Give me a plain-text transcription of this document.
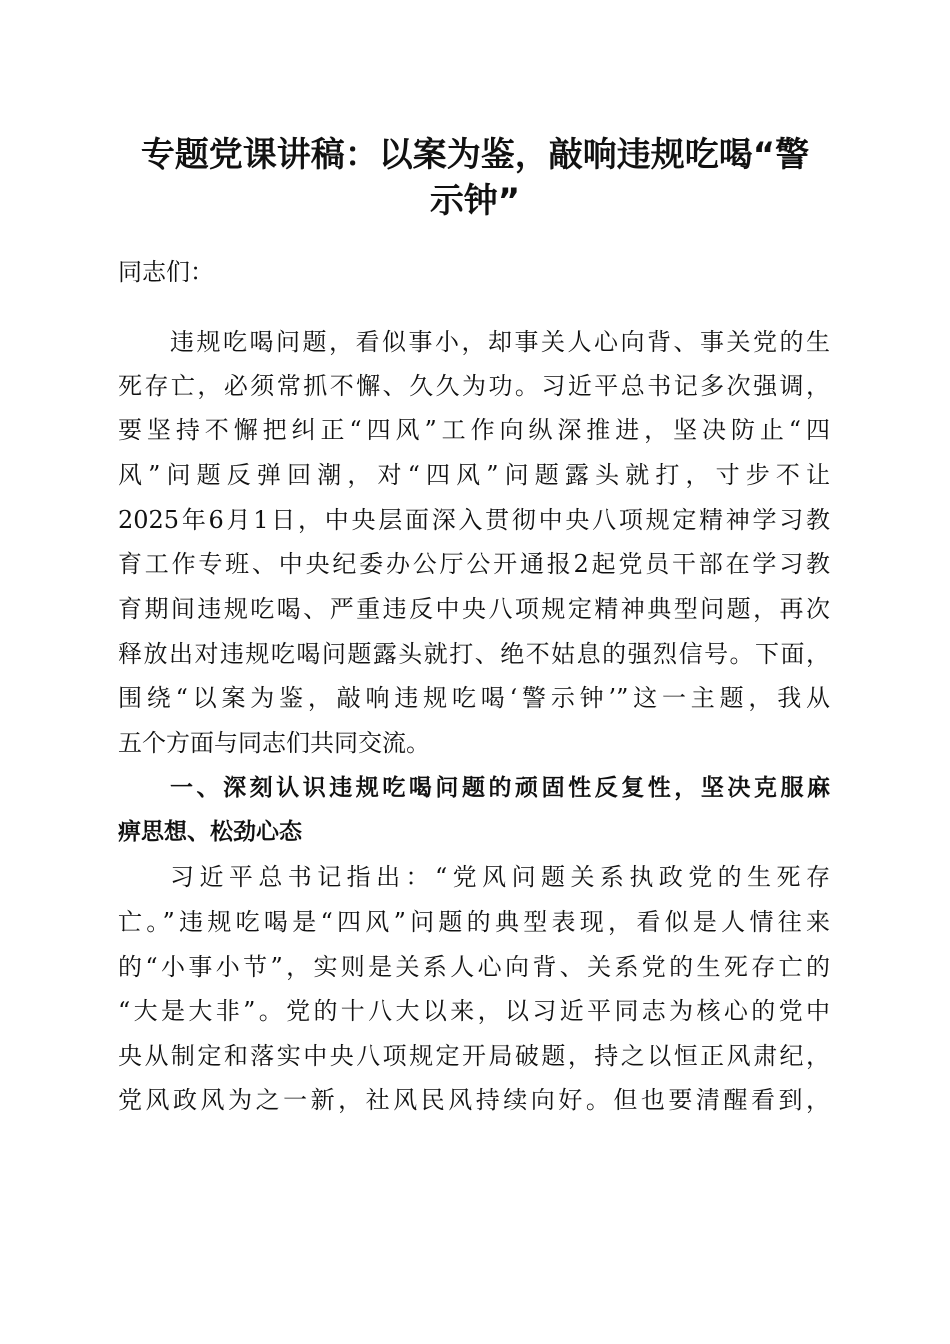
专题党课讲稿：以案为鉴，敲响违规吃喝“警
示钟”
同志们：
违规吃喝问题，看似事小，却事关人心向背、事关党的生
死存亡，必须常抓不懈、久久为功。习近平总书记多次强调，
要坚持不懈把纠正“四风”工作向纵深推进，坚决防止“四
风”问题反弹回潮，对“四风”问题露头就打，寸步不让
2025年6月1日，中央层面深入贯彻中央八项规定精神学习教
育工作专班、中央纪委办公厅公开通报2起党员干部在学习教
育期间违规吃喝、严重违反中央八项规定精神典型问题，再次
释放出对违规吃喝问题露头就打、绝不姑息的强烈信号。下面，
围绕“以案为鉴，敲响违规吃喝‘警示钟’”这一主题，我从
五个方面与同志们共同交流。
一、深刻认识违规吃喝问题的顽固性反复性，坚决克服麻
痹思想、松劲心态
习近平总书记指出：“党风问题关系执政党的生死存
亡。”违规吃喝是“四风”问题的典型表现，看似是人情往来
的“小事小节”，实则是关系人心向背、关系党的生死存亡的
“大是大非”。党的十八大以来，以习近平同志为核心的党中
央从制定和落实中央八项规定开局破题，持之以恒正风肃纪，
党风政风为之一新，社风民风持续向好。但也要清醒看到，
